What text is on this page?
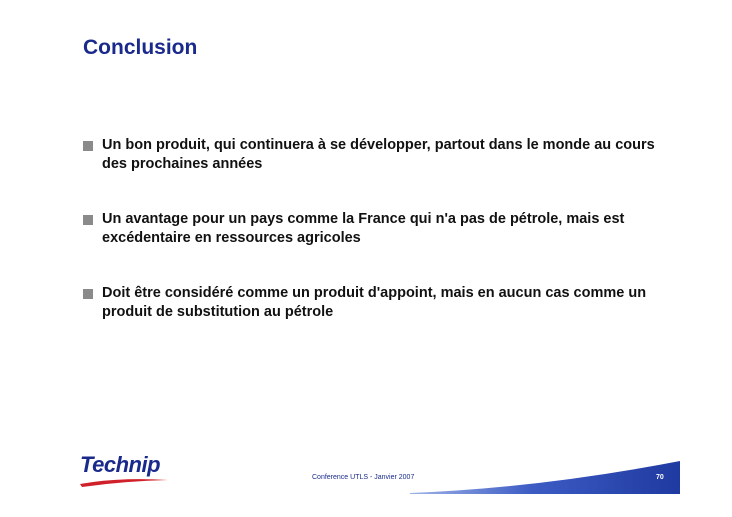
Conclusion
Un bon produit, qui continuera à se développer, partout dans le monde au cours des prochaines années
Un avantage pour un pays comme la France qui n'a pas de pétrole, mais est excédentaire en ressources agricoles
Doit être considéré comme un produit d'appoint, mais en aucun cas comme un produit de substitution au pétrole
Technip
Conference UTLS - Janvier 2007	70
